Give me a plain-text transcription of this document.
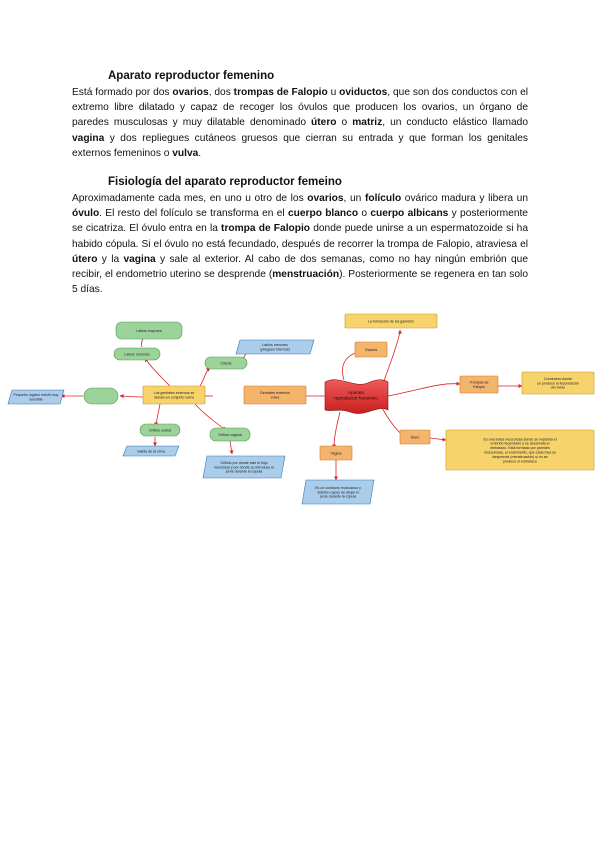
Aparato reproductor femenino

Está formado por dos ovarios, dos trompas de Falopio u oviductos, que son dos conductos con el extremo libre dilatado y capaz de recoger los óvulos que producen los ovarios, un órgano de paredes musculosas y muy dilatable denominado útero o matriz, un conducto elástico llamado vagina y dos repliegues cutáneos gruesos que cierran su entrada y que forman los genitales externos femeninos o vulva.

Fisiología del aparato reproductor femeino

Aproximadamente cada mes, en uno u otro de los ovarios, un folículo ovárico madura y libera un óvulo. El resto del folículo se transforma en el cuerpo blanco o cuerpo albicans y posteriormente se cicatriza. El óvulo entra en la trompa de Falopio donde puede unirse a un espermatozoide si ha habido cópula. Si el óvulo no está fecundado, después de recorrer la trompa de Falopio, atraviesa el útero y la vagina y sale al exterior. Al cabo de dos semanas, como no hay ningún embrión que recibir, el endometrio uterino se desprende (menstruación). Posteriormente se regenera en tan solo 5 días.

Aparato reproductor femenino
Labios mayores
Labios menores
Labios menores (pliegues internos)
Clítoris
Pequeño órgano eréctil muy sensible
Los genitales externos se llaman en conjunto vulva
Genitales externos vulva
Orificio uretral
Salida de la orina
Orificio vaginal
Orificio por donde sale el flujo menstrual y por donde se introduce el pene durante la cópula
La formación de los gametos
Ovarios
Trompas de Falopio
Conductos donde se produce la fecundación del óvulo
Útero	Es una bolsa musculosa donde se implanta el embrión fecundado y se desarrolla el embarazo. Está formado por paredes musculosas, el endometrio, que cada mes se desprende (menstruación) si no se produce el embarazo
Vagina
Es un conducto musculoso y elástico capaz de alojar el pene durante la cópula
